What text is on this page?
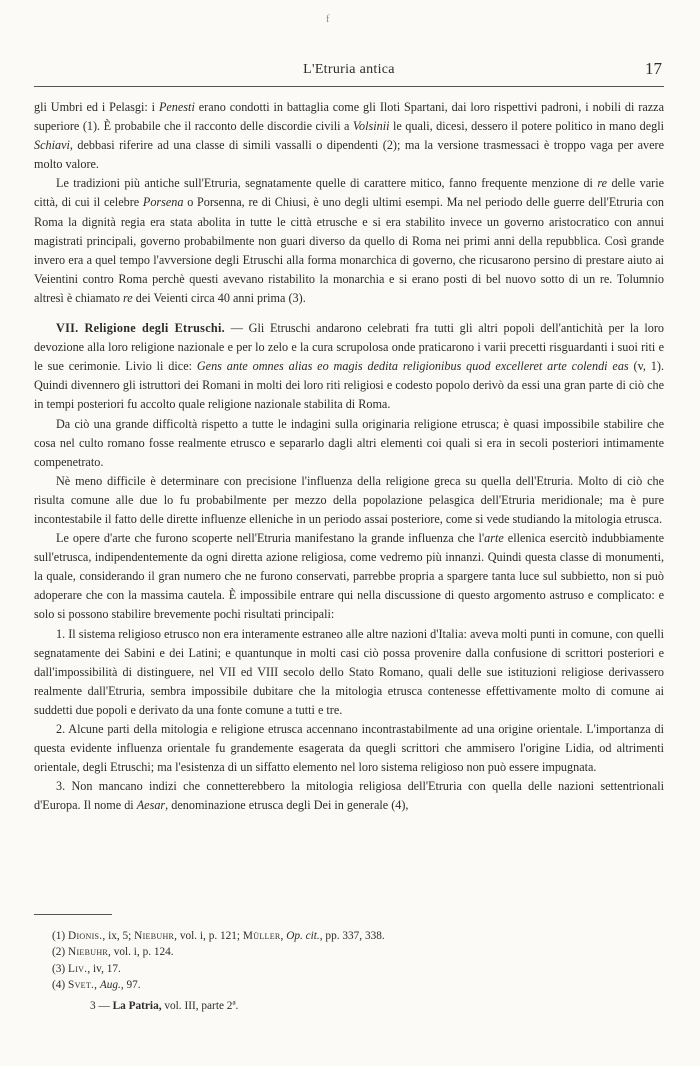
f
L'Etruria antica	17

gli Umbri ed i Pelasgi: i Penesti erano condotti in battaglia come gli Iloti Spartani, dai loro rispettivi padroni, i nobili di razza superiore (1). È probabile che il racconto delle discordie civili a Volsinii le quali, dicesi, dessero il potere politico in mano degli Schiavi, debbasi riferire ad una classe di simili vassalli o dipendenti (2); ma la versione trasmessaci è troppo vaga per avere molto valore.

Le tradizioni più antiche sull'Etruria, segnatamente quelle di carattere mitico, fanno frequente menzione di re delle varie città, di cui il celebre Porsena o Porsenna, re di Chiusi, è uno degli ultimi esempi. Ma nel periodo delle guerre dell'Etruria con Roma la dignità regia era stata abolita in tutte le città etrusche e si era stabilito invece un governo aristocratico con annui magistrati principali, governo probabilmente non guari diverso da quello di Roma nei primi anni della repubblica. Così grande invero era a quel tempo l'avversione degli Etruschi alla forma monarchica di governo, che ricusarono persino di prestare aiuto ai Veientini contro Roma perchè questi avevano ristabilito la monarchia e si erano posti di bel nuovo sotto di un re. Tolumnio altresì è chiamato re dei Veienti circa 40 anni prima (3).

VII. Religione degli Etruschi. — Gli Etruschi andarono celebrati fra tutti gli altri popoli dell'antichità per la loro devozione alla loro religione nazionale e per lo zelo e la cura scrupolosa onde praticarono i varii precetti risguardanti i suoi riti e le sue cerimonie. Livio li dice: Gens ante omnes alias eo magis dedita religionibus quod excelleret arte colendi eas (v, 1). Quindi divennero gli istruttori dei Romani in molti dei loro riti religiosi e codesto popolo derivò da essi una gran parte di ciò che in tempi posteriori fu accolto quale religione nazionale stabilita di Roma.

Da ciò una grande difficoltà rispetto a tutte le indagini sulla originaria religione etrusca; è quasi impossibile stabilire che cosa nel culto romano fosse realmente etrusco e separarlo dagli altri elementi coi quali si era in secoli posteriori intimamente compenetrato.

Nè meno difficile è determinare con precisione l'influenza della religione greca su quella dell'Etruria. Molto di ciò che risulta comune alle due lo fu probabilmente per mezzo della popolazione pelasgica dell'Etruria meridionale; ma è pure incontestabile il fatto delle dirette influenze elleniche in un periodo assai posteriore, come si vede studiando la mitologia etrusca.

Le opere d'arte che furono scoperte nell'Etruria manifestano la grande influenza che l'arte ellenica esercitò indubbiamente sull'etrusca, indipendentemente da ogni diretta azione religiosa, come vedremo più innanzi. Quindi questa classe di monumenti, la quale, considerando il gran numero che ne furono conservati, parrebbe propria a spargere tanta luce sul subbietto, non si può adoperare che con la massima cautela. È impossibile entrare qui nella discussione di questo argomento astruso e complicato: e solo si possono stabilire brevemente pochi risultati principali:

1. Il sistema religioso etrusco non era interamente estraneo alle altre nazioni d'Italia: aveva molti punti in comune, con quelli segnatamente dei Sabini e dei Latini; e quantunque in molti casi ciò possa provenire dalla confusione di scrittori posteriori e dall'impossibilità di distinguere, nel VII ed VIII secolo dello Stato Romano, quali delle sue istituzioni religiose derivassero realmente dall'Etruria, sembra impossibile dubitare che la mitologia etrusca contenesse effettivamente molto di comune ai suddetti due popoli e derivato da una fonte comune a tutti e tre.

2. Alcune parti della mitologia e religione etrusca accennano incontrastabilmente ad una origine orientale. L'importanza di questa evidente influenza orientale fu grandemente esagerata da quegli scrittori che ammisero l'origine Lidia, od altrimenti orientale, degli Etruschi; ma l'esistenza di un siffatto elemento nel loro sistema religioso non può essere impugnata.

3. Non mancano indizi che connetterebbero la mitologia religiosa dell'Etruria con quella delle nazioni settentrionali d'Europa. Il nome di Aesar, denominazione etrusca degli Dei in generale (4),

(1) Dionis., ix, 5; Niebuhr, vol. i, p. 121; Müller, Op. cit., pp. 337, 338.
(2) Niebuhr, vol. i, p. 124.
(3) Liv., iv, 17.
(4) Svet., Aug., 97.
3 — La Patria, vol. III, parte 2ª.
